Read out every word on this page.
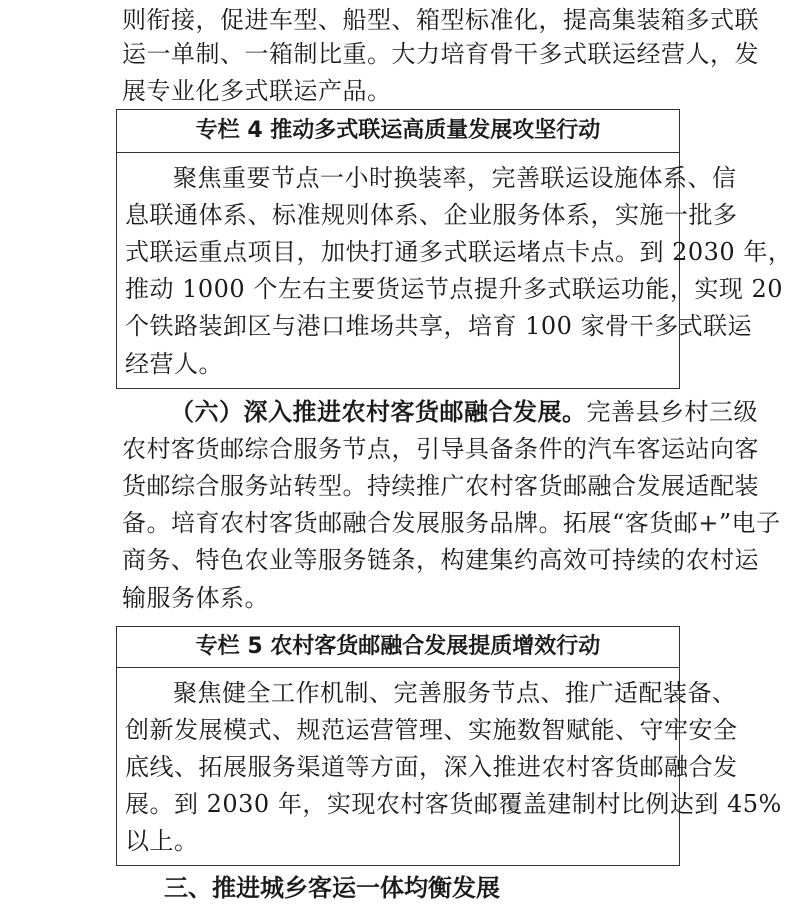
则衔接，促进车型、船型、箱型标准化，提高集装箱多式联
运一单制、一箱制比重。大力培育骨干多式联运经营人，发
展专业化多式联运产品。
专栏 4 推动多式联运高质量发展攻坚行动
聚焦重要节点一小时换装率，完善联运设施体系、信
息联通体系、标准规则体系、企业服务体系，实施一批多
式联运重点项目，加快打通多式联运堵点卡点。到 2030 年，
推动 1000 个左右主要货运节点提升多式联运功能，实现 20
个铁路装卸区与港口堆场共享，培育 100 家骨干多式联运
经营人。
（六）深入推进农村客货邮融合发展。完善县乡村三级
农村客货邮综合服务节点，引导具备条件的汽车客运站向客
货邮综合服务站转型。持续推广农村客货邮融合发展适配装
备。培育农村客货邮融合发展服务品牌。拓展“客货邮+”电子
商务、特色农业等服务链条，构建集约高效可持续的农村运
输服务体系。
专栏 5 农村客货邮融合发展提质增效行动
聚焦健全工作机制、完善服务节点、推广适配装备、
创新发展模式、规范运营管理、实施数智赋能、守牢安全
底线、拓展服务渠道等方面，深入推进农村客货邮融合发
展。到 2030 年，实现农村客货邮覆盖建制村比例达到 45%
以上。
三、推进城乡客运一体均衡发展
